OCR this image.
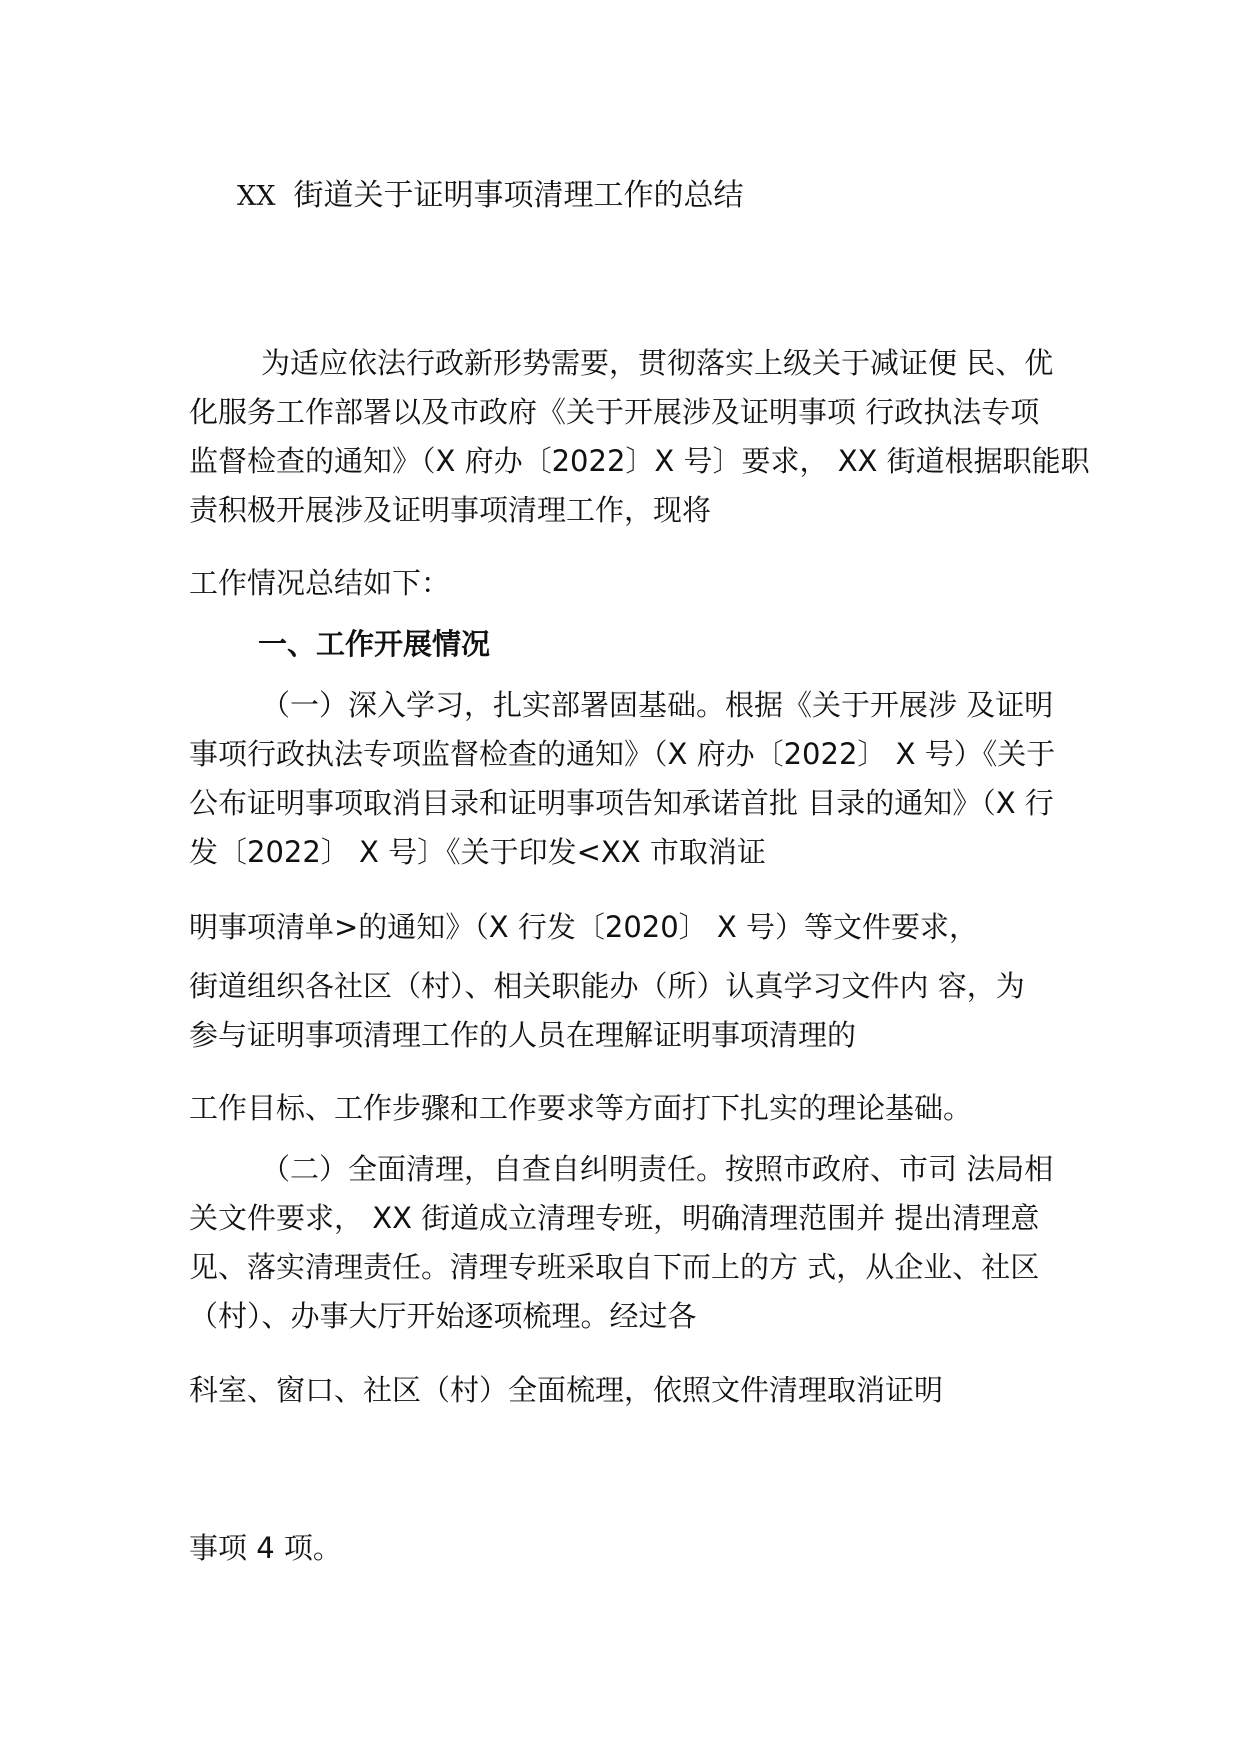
XX 街道关于证明事项清理工作的总结
为适应依法行政新形势需要，贯彻落实上级关于减证便 民、优
化服务工作部署以及市政府《关于开展涉及证明事项 行政执法专项
监督检查的通知》（X 府办〔2022〕X 号〕要求， XX 街道根据职能职
责积极开展涉及证明事项清理工作，现将
工作情况总结如下：
一、工作开展情况
（一）深入学习，扎实部署固基础。根据《关于开展涉 及证明
事项行政执法专项监督检查的通知》（X 府办〔2022〕 X 号）《关于
公布证明事项取消目录和证明事项告知承诺首批 目录的通知》（X 行
发〔2022〕 X 号〕《关于印发<XX 市取消证
明事项清单>的通知》（X 行发〔2020〕 X 号）等文件要求，
街道组织各社区（村）、相关职能办（所）认真学习文件内 容，为
参与证明事项清理工作的人员在理解证明事项清理的
工作目标、工作步骤和工作要求等方面打下扎实的理论基础。
（二）全面清理，自查自纠明责任。按照市政府、市司 法局相
关文件要求， XX 街道成立清理专班，明确清理范围并 提出清理意
见、落实清理责任。清理专班采取自下而上的方 式，从企业、社区
（村）、办事大厅开始逐项梳理。经过各
科室、窗口、社区（村）全面梳理，依照文件清理取消证明
事项 4 项。
